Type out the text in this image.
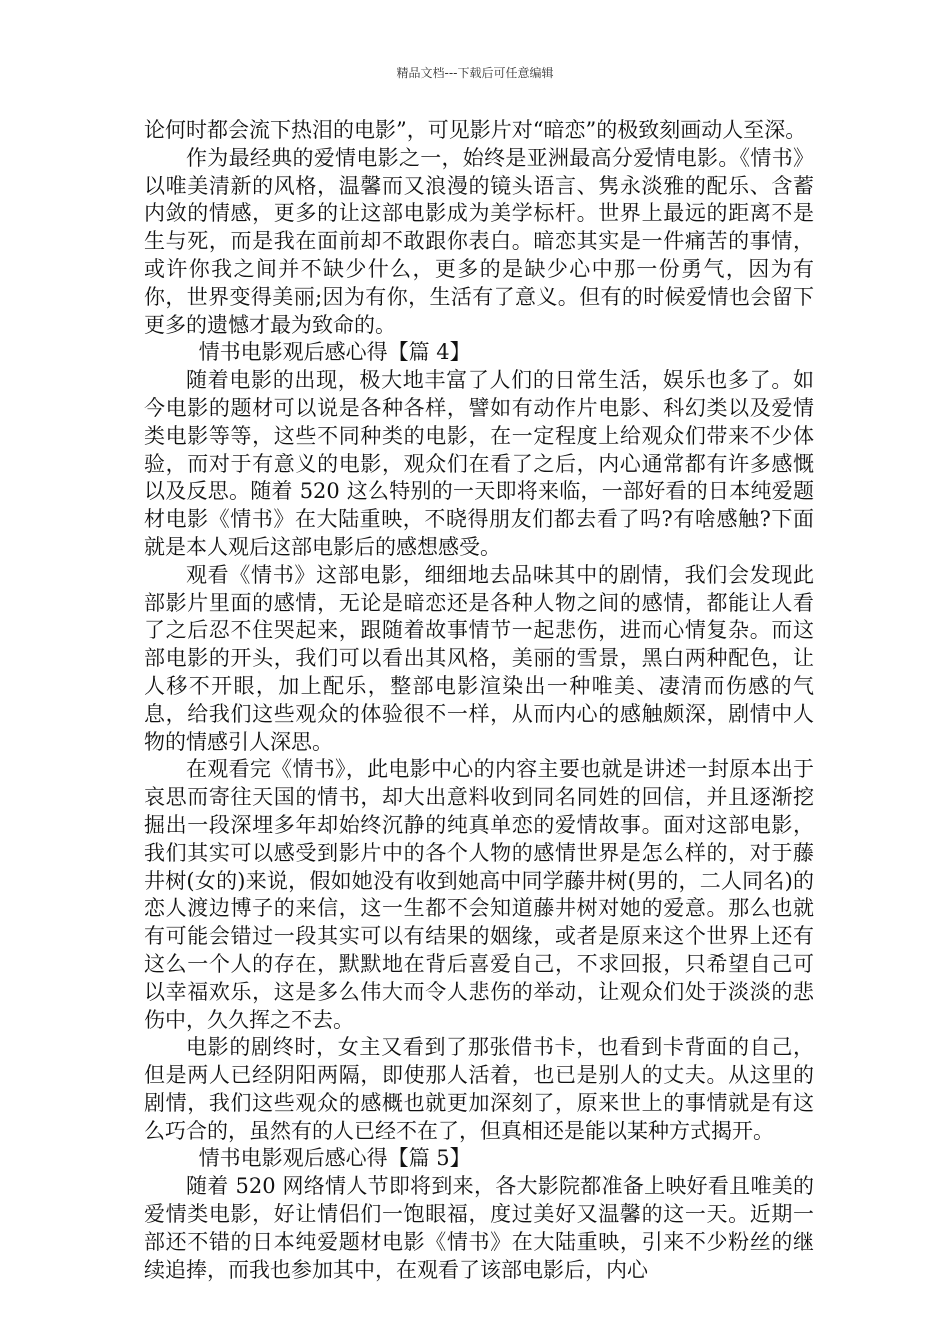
精品文档---下载后可任意编辑

论何时都会流下热泪的电影”，可见影片对“暗恋”的极致刻画动人至深。

作为最经典的爱情电影之一，始终是亚洲最高分爱情电影。《情书》以唯美清新的风格，温馨而又浪漫的镜头语言、隽永淡雅的配乐、含蓄内敛的情感，更多的让这部电影成为美学标杆。世界上最远的距离不是生与死，而是我在面前却不敢跟你表白。暗恋其实是一件痛苦的事情，或许你我之间并不缺少什么，更多的是缺少心中那一份勇气，因为有你，世界变得美丽;因为有你，生活有了意义。但有的时候爱情也会留下更多的遗憾才最为致命的。

情书电影观后感心得【篇 4】

随着电影的出现，极大地丰富了人们的日常生活，娱乐也多了。如今电影的题材可以说是各种各样，譬如有动作片电影、科幻类以及爱情类电影等等，这些不同种类的电影，在一定程度上给观众们带来不少体验，而对于有意义的电影，观众们在看了之后，内心通常都有许多感慨以及反思。随着 520 这么特别的一天即将来临，一部好看的日本纯爱题材电影《情书》在大陆重映，不晓得朋友们都去看了吗?有啥感触?下面就是本人观后这部电影后的感想感受。

观看《情书》这部电影，细细地去品味其中的剧情，我们会发现此部影片里面的感情，无论是暗恋还是各种人物之间的感情，都能让人看了之后忍不住哭起来，跟随着故事情节一起悲伤，进而心情复杂。而这部电影的开头，我们可以看出其风格，美丽的雪景，黑白两种配色，让人移不开眼，加上配乐，整部电影渲染出一种唯美、凄清而伤感的气息，给我们这些观众的体验很不一样，从而内心的感触颇深，剧情中人物的情感引人深思。

在观看完《情书》，此电影中心的内容主要也就是讲述一封原本出于哀思而寄往天国的情书，却大出意料收到同名同姓的回信，并且逐渐挖掘出一段深埋多年却始终沉静的纯真单恋的爱情故事。面对这部电影，我们其实可以感受到影片中的各个人物的感情世界是怎么样的，对于藤井树(女的)来说，假如她没有收到她高中同学藤井树(男的，二人同名)的恋人渡边博子的来信，这一生都不会知道藤井树对她的爱意。那么也就有可能会错过一段其实可以有结果的姻缘，或者是原来这个世界上还有这么一个人的存在，默默地在背后喜爱自己，不求回报，只希望自己可以幸福欢乐，这是多么伟大而令人悲伤的举动，让观众们处于淡淡的悲伤中，久久挥之不去。

电影的剧终时，女主又看到了那张借书卡，也看到卡背面的自己，但是两人已经阴阳两隔，即使那人活着，也已是别人的丈夫。从这里的剧情，我们这些观众的感概也就更加深刻了，原来世上的事情就是有这么巧合的，虽然有的人已经不在了，但真相还是能以某种方式揭开。

情书电影观后感心得【篇 5】

随着 520 网络情人节即将到来，各大影院都准备上映好看且唯美的爱情类电影，好让情侣们一饱眼福，度过美好又温馨的这一天。近期一部还不错的日本纯爱题材电影《情书》在大陆重映，引来不少粉丝的继续追捧，而我也参加其中，在观看了该部电影后，内心
